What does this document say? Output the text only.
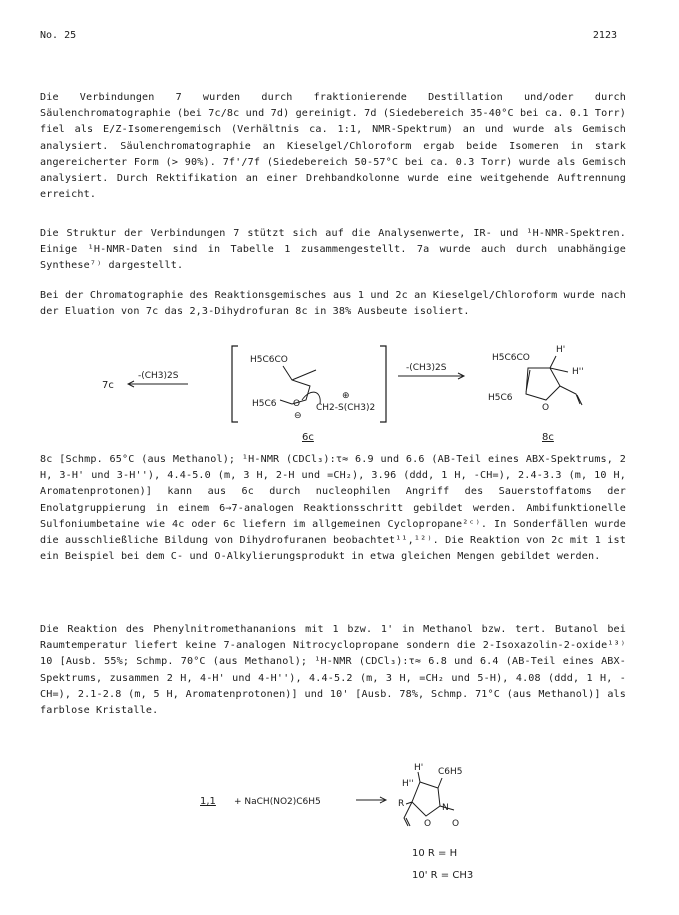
No. 25	2123
Die Verbindungen 7 wurden durch fraktionierende Destillation und/oder durch Säulenchromatographie (bei 7c/8c und 7d) gereinigt. 7d (Siedebereich 35-40°C bei ca. 0.1 Torr) fiel als E/Z-Isomerengemisch (Verhältnis ca. 1:1, NMR-Spektrum) an und wurde als Gemisch analysiert. Säulenchromatographie an Kieselgel/Chloroform ergab beide Isomeren in stark angereicherter Form (> 90%). 7f'/7f (Siedebereich 50-57°C bei ca. 0.3 Torr) wurde als Gemisch analysiert. Durch Rektifikation an einer Drehbandkolonne wurde eine weitgehende Auftrennung erreicht.
Die Struktur der Verbindungen 7 stützt sich auf die Analysenwerte, IR- und ¹H-NMR-Spektren. Einige ¹H-NMR-Daten sind in Tabelle 1 zusammengestellt. 7a wurde auch durch unabhängige Synthese⁷⁾ dargestellt.
Bei der Chromatographie des Reaktionsgemisches aus 1 und 2c an Kieselgel/Chloroform wurde nach der Eluation von 7c das 2,3-Dihydrofuran 8c in 38% Ausbeute isoliert.
7c
-(CH3)2S
H5C6CO
H5C6 O
⊖
CH2-S(CH3)2
⊕
6c
-(CH3)2S
H5C6CO
H'
H''
O
H5C6
8c
8c [Schmp. 65°C (aus Methanol); ¹H-NMR (CDCl₃):τ≈ 6.9 und 6.6 (AB-Teil eines ABX-Spektrums, 2 H, 3-H' und 3-H''), 4.4-5.0 (m, 3 H, 2-H und =CH₂), 3.96 (ddd, 1 H, -CH=), 2.4-3.3 (m, 10 H, Aromatenprotonen)] kann aus 6c durch nucleophilen Angriff des Sauerstoffatoms der Enolatgruppierung in einem 6→7-analogen Reaktionsschritt gebildet werden. Ambifunktionelle Sulfoniumbetaine wie 4c oder 6c liefern im allgemeinen Cyclopropane²ᶜ⁾. In Sonderfällen wurde die ausschließliche Bildung von Dihydrofuranen beobachtet¹¹,¹²⁾. Die Reaktion von 2c mit 1 ist ein Beispiel bei dem C- und O-Alkylierungsprodukt in etwa gleichen Mengen gebildet werden.
Die Reaktion des Phenylnitromethananions mit 1 bzw. 1' in Methanol bzw. tert. Butanol bei Raumtemperatur liefert keine 7-analogen Nitrocyclopropane sondern die 2-Isoxazolin-2-oxide¹³⁾ 10 [Ausb. 55%; Schmp. 70°C (aus Methanol); ¹H-NMR (CDCl₃):τ≈ 6.8 und 6.4 (AB-Teil eines ABX-Spektrums, zusammen 2 H, 4-H' und 4-H''), 4.4-5.2 (m, 3 H, =CH₂ und 5-H), 4.08 (ddd, 1 H, -CH=), 2.1-2.8 (m, 5 H, Aromatenprotonen)] und 10' [Ausb. 78%, Schmp. 71°C (aus Methanol)] als farblose Kristalle.
1,1 + NaCH(NO2)C6H5
H' C6H5
H''
R
O
N
O
10 R = H
10' R = CH3
